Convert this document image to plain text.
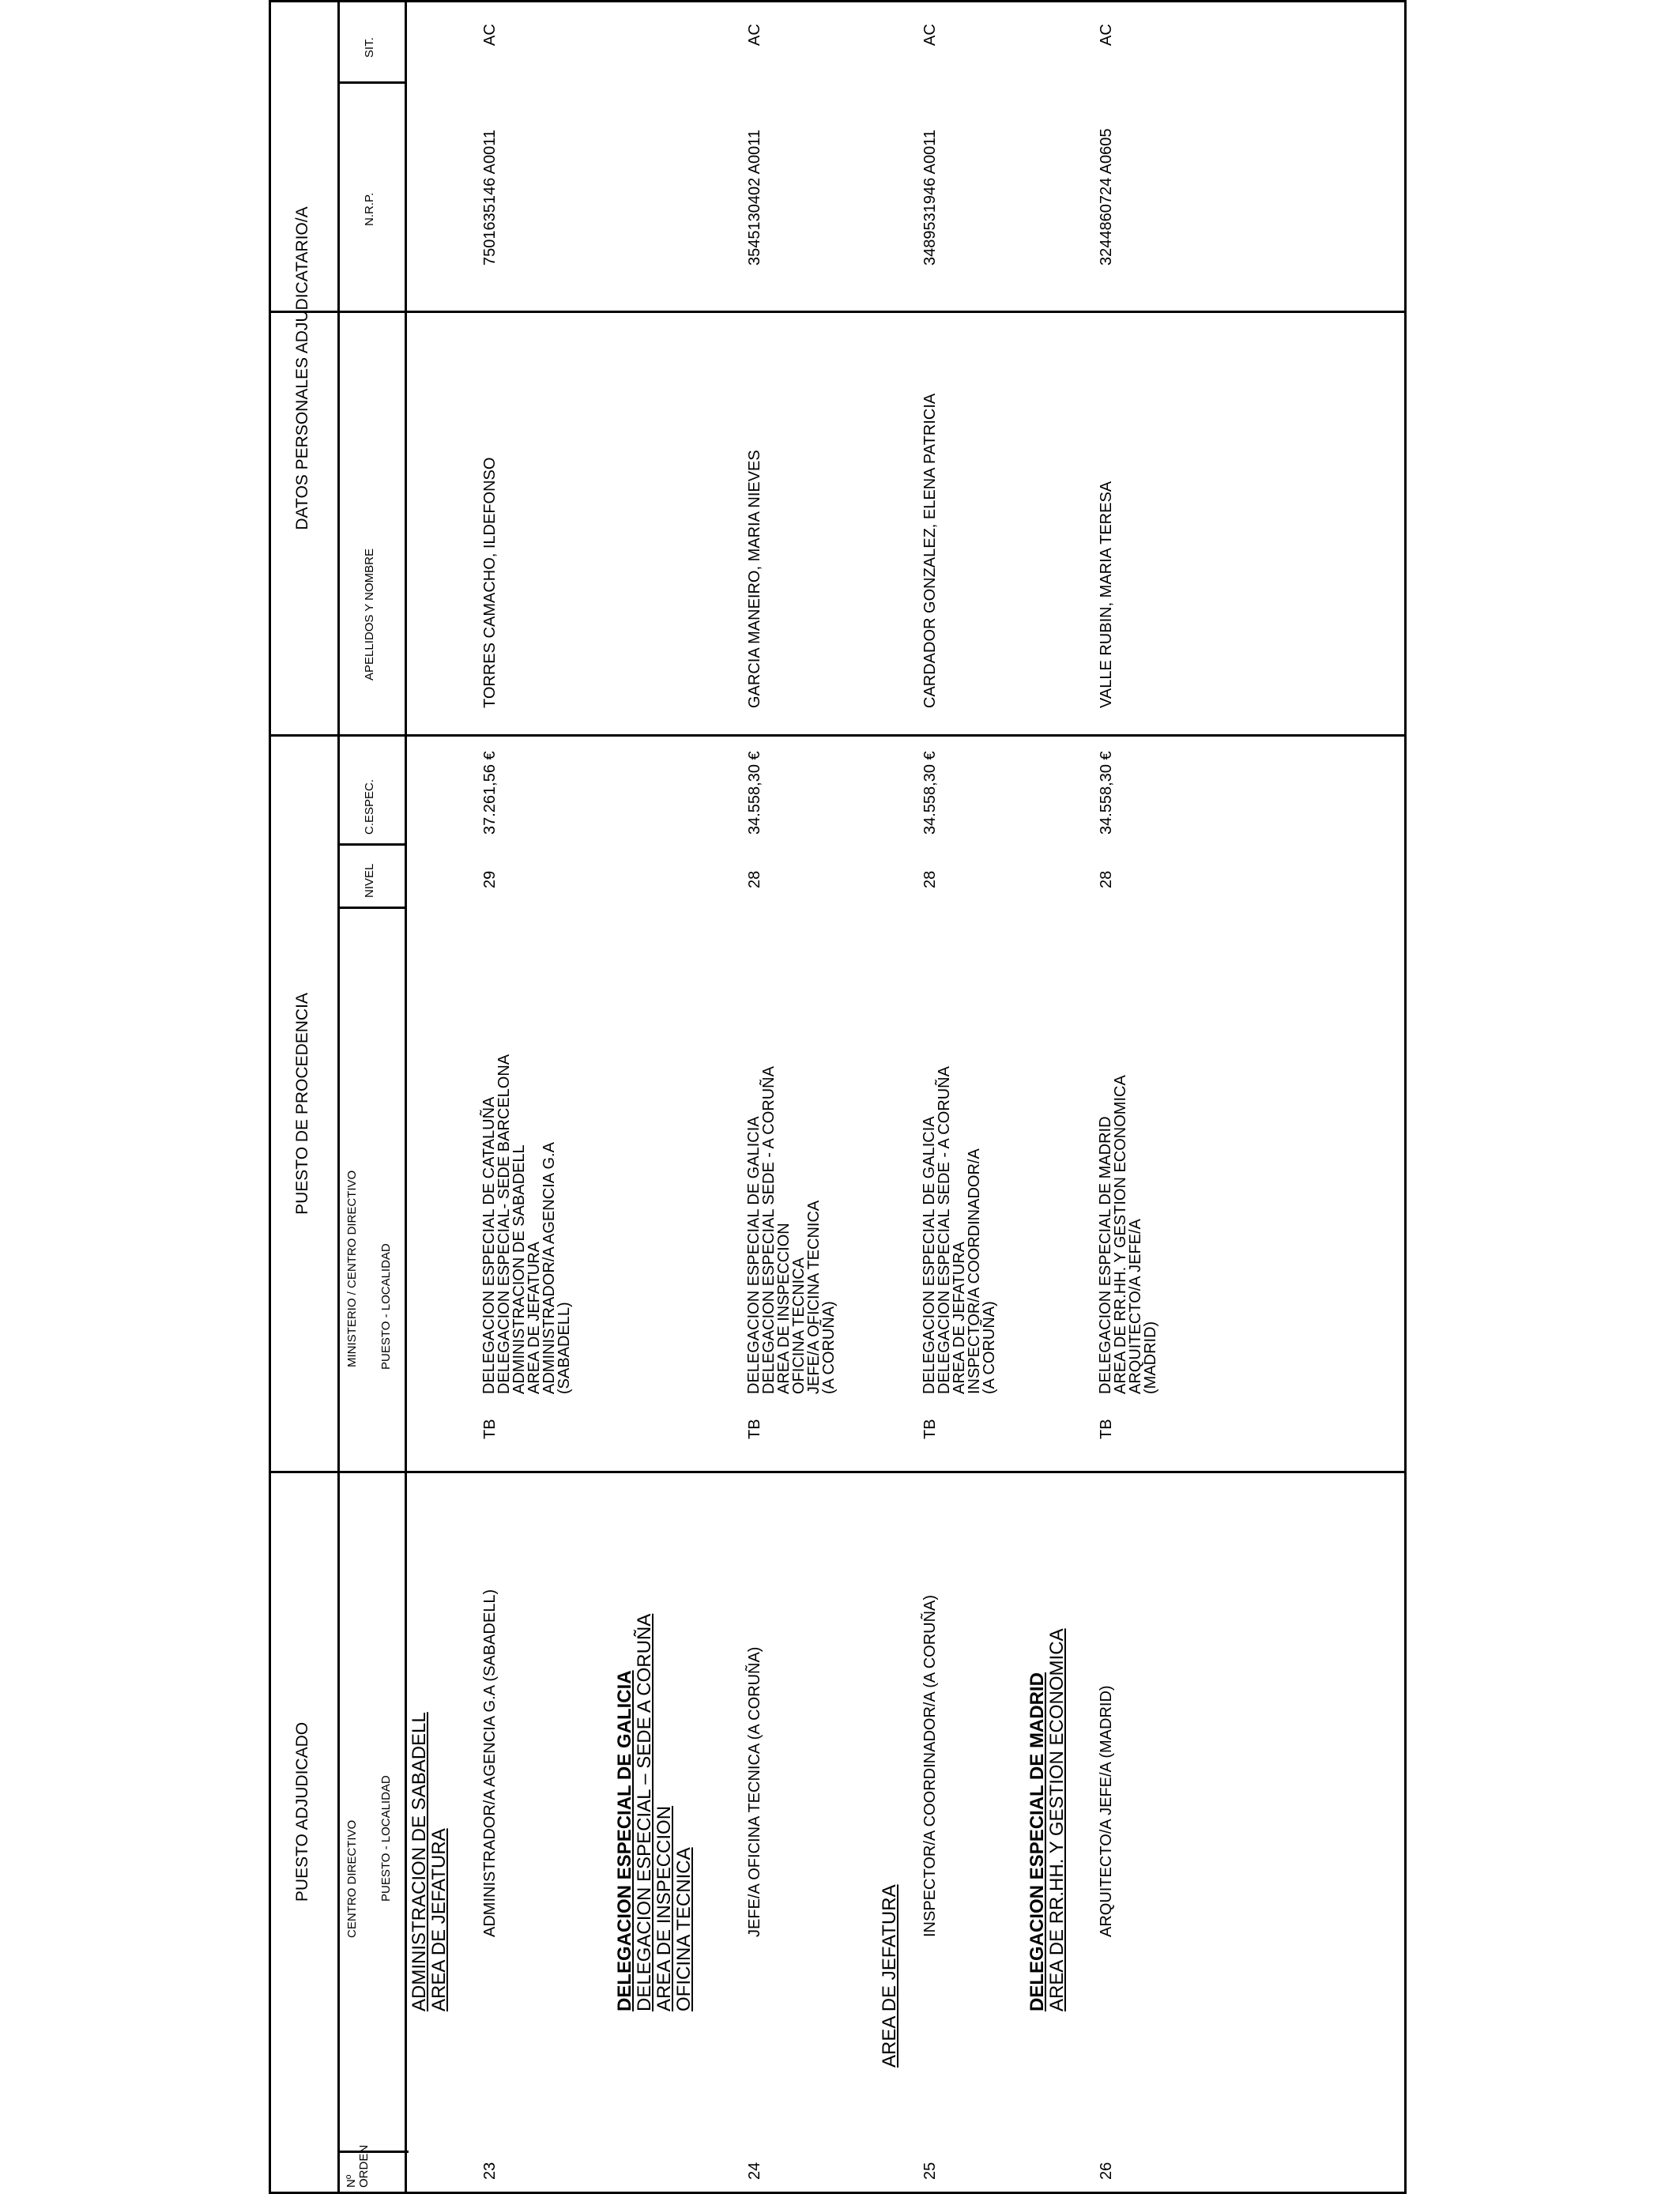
PUESTO ADJUDICADO
PUESTO DE PROCEDENCIA
DATOS PERSONALES ADJUDICATARIO/A
Nº ORDEN
CENTRO DIRECTIVO PUESTO - LOCALIDAD
MINISTERIO / CENTRO DIRECTIVO PUESTO - LOCALIDAD
NIVEL
C.ESPEC.
APELLIDOS Y NOMBRE
N.R.P.
SIT.
ADMINISTRACION DE SABADELL
AREA DE JEFATURA
23
ADMINISTRADOR/A AGENCIA G.A (SABADELL)
TB
DELEGACION ESPECIAL DE CATALUÑA
DELEGACION ESPECIAL- SEDE BARCELONA
ADMINISTRACION DE SABADELL
AREA DE JEFATURA
ADMINISTRADOR/A AGENCIA G.A
(SABADELL)
29
37.261,56 €
TORRES CAMACHO, ILDEFONSO
7501635146 A0011
AC
DELEGACION ESPECIAL DE GALICIA
DELEGACION ESPECIAL – SEDE A CORUÑA
AREA DE INSPECCION
OFICINA TECNICA
24
JEFE/A OFICINA TECNICA (A CORUÑA)
TB
DELEGACION ESPECIAL DE GALICIA
DELEGACION ESPECIAL SEDE - A CORUÑA
AREA DE INSPECCION
OFICINA TECNICA
JEFE/A OFICINA TECNICA
(A CORUÑA)
28
34.558,30 €
GARCIA MANEIRO, MARIA NIEVES
3545130402 A0011
AC
AREA DE JEFATURA
25
INSPECTOR/A COORDINADOR/A (A CORUÑA)
TB
DELEGACION ESPECIAL DE GALICIA
DELEGACION ESPECIAL SEDE - A CORUÑA
AREA DE JEFATURA
INSPECTOR/A COORDINADOR/A
(A CORUÑA)
28
34.558,30 €
CARDADOR GONZALEZ, ELENA PATRICIA
3489531946 A0011
AC
DELEGACION ESPECIAL DE MADRID
AREA DE RR.HH. Y GESTION ECONOMICA
26
ARQUITECTO/A JEFE/A (MADRID)
TB
DELEGACION ESPECIAL DE MADRID
AREA DE RR.HH. Y GESTION ECONOMICA
ARQUITECTO/A JEFE/A
(MADRID)
28
34.558,30 €
VALLE RUBIN, MARIA TERESA
3244860724 A0605
AC
